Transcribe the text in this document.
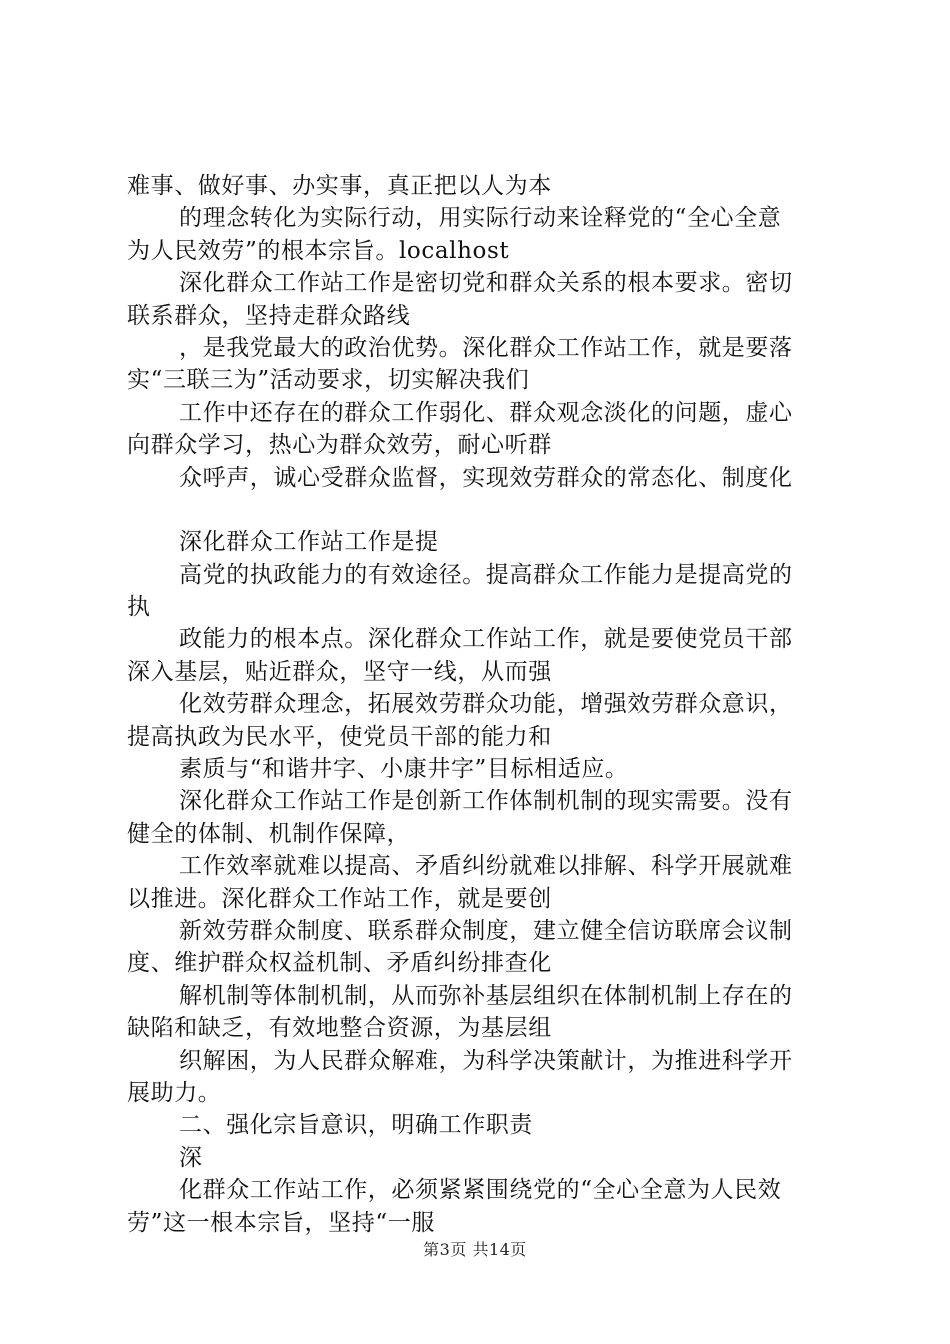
难事、做好事、办实事，真正把以人为本
的理念转化为实际行动，用实际行动来诠释党的“全心全意
为人民效劳”的根本宗旨。localhost
深化群众工作站工作是密切党和群众关系的根本要求。密切
联系群众，坚持走群众路线
，是我党最大的政治优势。深化群众工作站工作，就是要落
实“三联三为”活动要求，切实解决我们
工作中还存在的群众工作弱化、群众观念淡化的问题，虚心
向群众学习，热心为群众效劳，耐心听群
众呼声，诚心受群众监督，实现效劳群众的常态化、制度化
深化群众工作站工作是提
高党的执政能力的有效途径。提高群众工作能力是提高党的
执
政能力的根本点。深化群众工作站工作，就是要使党员干部
深入基层，贴近群众，坚守一线，从而强
化效劳群众理念，拓展效劳群众功能，增强效劳群众意识，
提高执政为民水平，使党员干部的能力和
素质与“和谐井字、小康井字”目标相适应。
深化群众工作站工作是创新工作体制机制的现实需要。没有
健全的体制、机制作保障，
工作效率就难以提高、矛盾纠纷就难以排解、科学开展就难
以推进。深化群众工作站工作，就是要创
新效劳群众制度、联系群众制度，建立健全信访联席会议制
度、维护群众权益机制、矛盾纠纷排查化
解机制等体制机制，从而弥补基层组织在体制机制上存在的
缺陷和缺乏，有效地整合资源，为基层组
织解困，为人民群众解难，为科学决策献计，为推进科学开
展助力。
二、强化宗旨意识，明确工作职责
深
化群众工作站工作，必须紧紧围绕党的“全心全意为人民效
劳”这一根本宗旨，坚持“一服
第3页 共14页
